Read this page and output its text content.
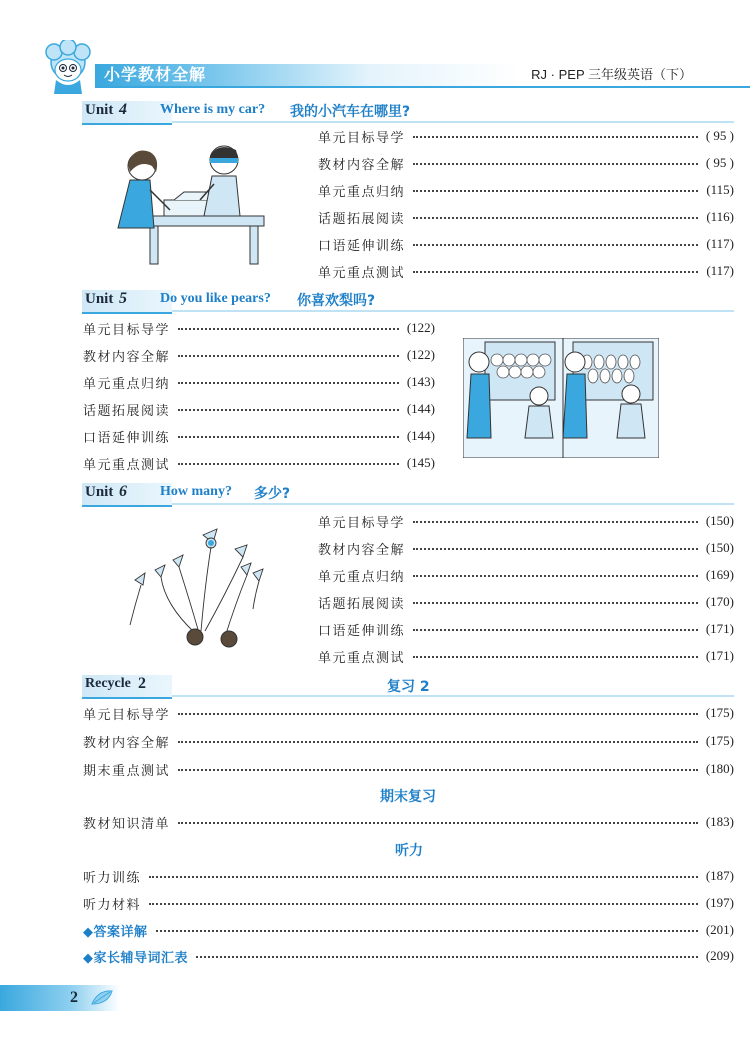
小学教材全解	RJ · PEP 三年级英语（下）
Unit 4 Where is my car? 我的小汽车在哪里?
单元目标导学	( 95 )
教材内容全解	( 95 )
单元重点归纳	(115)
话题拓展阅读	(116)
口语延伸训练	(117)
单元重点测试	(117)
Unit 5 Do you like pears? 你喜欢梨吗?
单元目标导学	(122)
教材内容全解	(122)
单元重点归纳	(143)
话题拓展阅读	(144)
口语延伸训练	(144)
单元重点测试	(145)
Unit 6 How many? 多少?
单元目标导学	(150)
教材内容全解	(150)
单元重点归纳	(169)
话题拓展阅读	(170)
口语延伸训练	(171)
单元重点测试	(171)
Recycle 2	复习 2
单元目标导学	(175)
教材内容全解	(175)
期末重点测试	(180)
期末复习
教材知识清单	(183)
听力
听力训练	(187)
听力材料	(197)
◆答案详解	(201)
◆家长辅导词汇表	(209)
2
